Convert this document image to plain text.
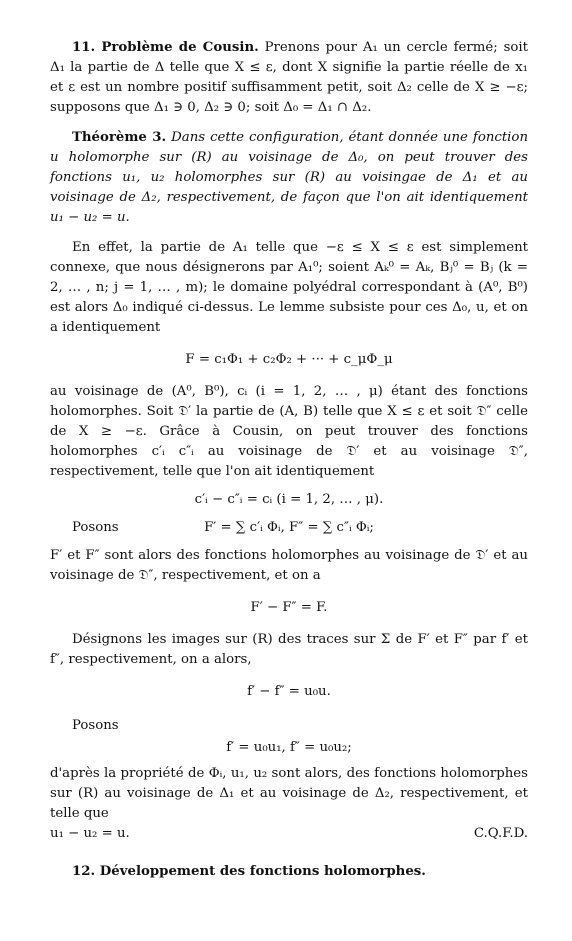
11. Problème de Cousin. Prenons pour A₁ un cercle fermé; soit Δ₁ la partie de Δ telle que X ≤ ε, dont X signifie la partie réelle de x₁ et ε est un nombre positif suffisamment petit, soit Δ₂ celle de X ≥ −ε; supposons que Δ₁ ∋ 0, Δ₂ ∋ 0; soit Δ₀ = Δ₁ ∩ Δ₂.

Théorème 3. Dans cette configuration, étant donnée une fonction u holomorphe sur (R) au voisinage de Δ₀, on peut trouver des fonctions u₁, u₂ holomorphes sur (R) au voisingae de Δ₁ et au voisinage de Δ₂, respectivement, de façon que l'on ait identiquement u₁ − u₂ = u.

En effet, la partie de A₁ telle que −ε ≤ X ≤ ε est simplement connexe, que nous désignerons par A₁⁰; soient Aₖ⁰ = Aₖ, Bⱼ⁰ = Bⱼ (k = 2, … , n; j = 1, … , m); le domaine polyédral correspondant à (A⁰, B⁰) est alors Δ₀ indiqué ci-dessus. Le lemme subsiste pour ces Δ₀, u, et on a identiquement

F = c₁Φ₁ + c₂Φ₂ + ··· + c_μΦ_μ

au voisinage de (A⁰, B⁰), cᵢ (i = 1, 2, … , μ) étant des fonctions holomorphes. Soit 𝔇′ la partie de (A, B) telle que X ≤ ε et soit 𝔇″ celle de X ≥ −ε. Grâce à Cousin, on peut trouver des fonctions holomorphes c′ᵢ c″ᵢ au voisinage de 𝔇′ et au voisinage 𝔇″, respectivement, telle que l'on ait identiquement

c′ᵢ − c″ᵢ = cᵢ (i = 1, 2, … , μ).
Posons	F′ = ∑ c′ᵢ Φᵢ, F″ = ∑ c″ᵢ Φᵢ;

F′ et F″ sont alors des fonctions holomorphes au voisinage de 𝔇′ et au voisinage de 𝔇″, respectivement, et on a

F′ − F″ = F.

Désignons les images sur (R) des traces sur Σ de F′ et F″ par f′ et f″, respectivement, on a alors,

f′ − f″ = u₀u.
Posons
f′ = u₀u₁, f″ = u₀u₂;

d'après la propriété de Φᵢ, u₁, u₂ sont alors, des fonctions holomorphes sur (R) au voisinage de Δ₁ et au voisinage de Δ₂, respectivement, et telle que

u₁ − u₂ = u.	C.Q.F.D.
12. Développement des fonctions holomorphes.
